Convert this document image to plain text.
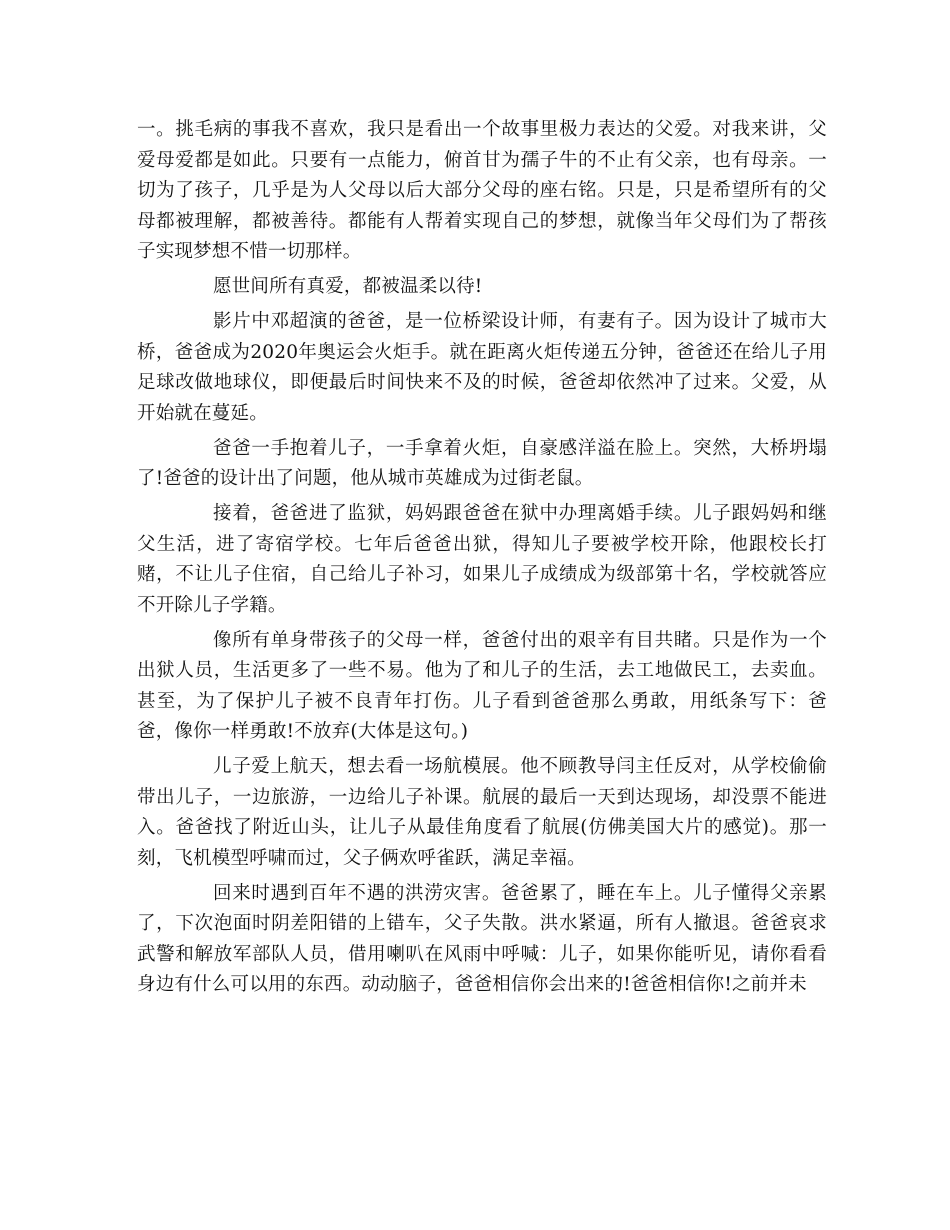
一。挑毛病的事我不喜欢，我只是看出一个故事里极力表达的父爱。对我来讲，父爱母爱都是如此。只要有一点能力，俯首甘为孺子牛的不止有父亲，也有母亲。一切为了孩子，几乎是为人父母以后大部分父母的座右铭。只是，只是希望所有的父母都被理解，都被善待。都能有人帮着实现自己的梦想，就像当年父母们为了帮孩子实现梦想不惜一切那样。

愿世间所有真爱，都被温柔以待!

影片中邓超演的爸爸，是一位桥梁设计师，有妻有子。因为设计了城市大桥，爸爸成为2020年奥运会火炬手。就在距离火炬传递五分钟，爸爸还在给儿子用足球改做地球仪，即便最后时间快来不及的时候，爸爸却依然冲了过来。父爱，从开始就在蔓延。

爸爸一手抱着儿子，一手拿着火炬，自豪感洋溢在脸上。突然，大桥坍塌了!爸爸的设计出了问题，他从城市英雄成为过街老鼠。

接着，爸爸进了监狱，妈妈跟爸爸在狱中办理离婚手续。儿子跟妈妈和继父生活，进了寄宿学校。七年后爸爸出狱，得知儿子要被学校开除，他跟校长打赌，不让儿子住宿，自己给儿子补习，如果儿子成绩成为级部第十名，学校就答应不开除儿子学籍。

像所有单身带孩子的父母一样，爸爸付出的艰辛有目共睹。只是作为一个出狱人员，生活更多了一些不易。他为了和儿子的生活，去工地做民工，去卖血。甚至，为了保护儿子被不良青年打伤。儿子看到爸爸那么勇敢，用纸条写下：爸爸，像你一样勇敢!不放弃(大体是这句。)

儿子爱上航天，想去看一场航模展。他不顾教导闫主任反对，从学校偷偷带出儿子，一边旅游，一边给儿子补课。航展的最后一天到达现场，却没票不能进入。爸爸找了附近山头，让儿子从最佳角度看了航展(仿佛美国大片的感觉)。那一刻，飞机模型呼啸而过，父子俩欢呼雀跃，满足幸福。

回来时遇到百年不遇的洪涝灾害。爸爸累了，睡在车上。儿子懂得父亲累了，下次泡面时阴差阳错的上错车，父子失散。洪水紧逼，所有人撤退。爸爸哀求武警和解放军部队人员，借用喇叭在风雨中呼喊：儿子，如果你能听见，请你看看身边有什么可以用的东西。动动脑子，爸爸相信你会出来的!爸爸相信你!之前并未
